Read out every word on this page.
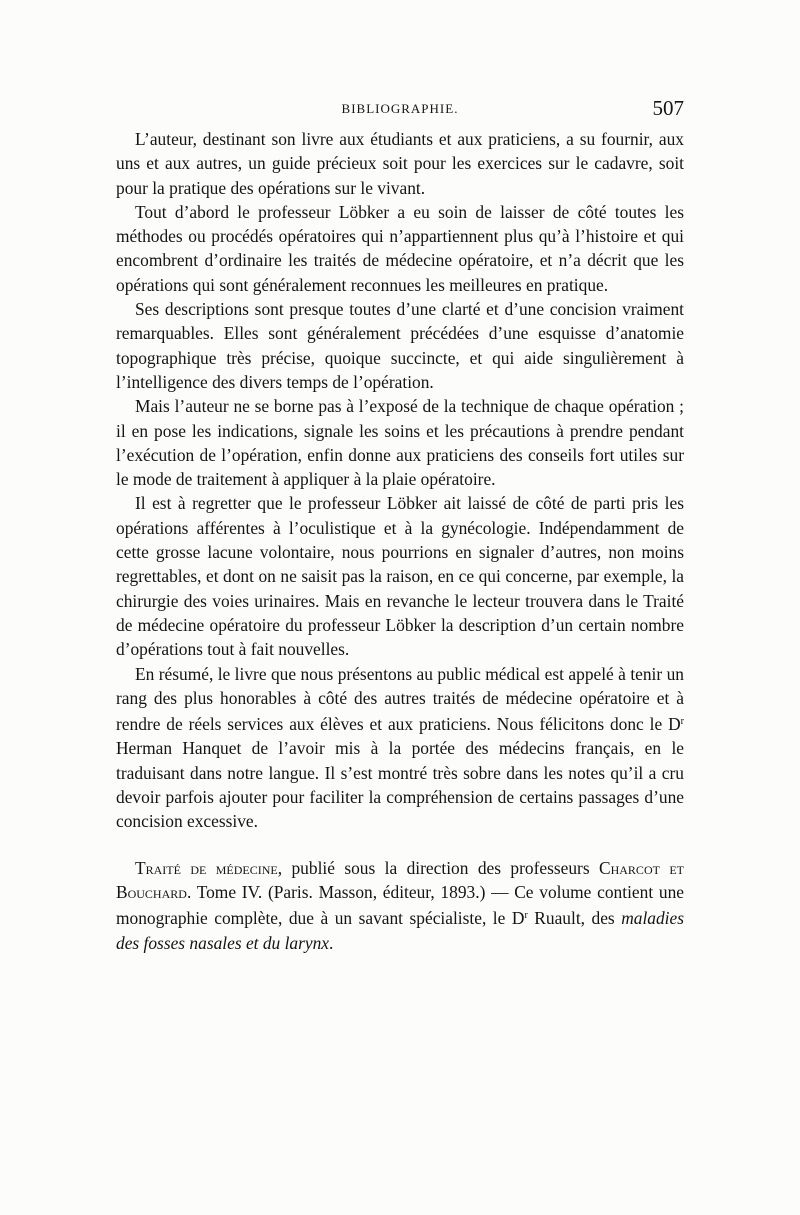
BIBLIOGRAPHIE.	507

L’auteur, destinant son livre aux étudiants et aux praticiens, a su fournir, aux uns et aux autres, un guide précieux soit pour les exercices sur le cadavre, soit pour la pratique des opérations sur le vivant.

Tout d’abord le professeur Löbker a eu soin de laisser de côté toutes les méthodes ou procédés opératoires qui n’appartiennent plus qu’à l’histoire et qui encombrent d’ordinaire les traités de médecine opératoire, et n’a décrit que les opérations qui sont généralement reconnues les meilleures en pratique.

Ses descriptions sont presque toutes d’une clarté et d’une concision vraiment remarquables. Elles sont généralement précédées d’une esquisse d’anatomie topographique très précise, quoique succincte, et qui aide singulièrement à l’intelligence des divers temps de l’opération.

Mais l’auteur ne se borne pas à l’exposé de la technique de chaque opération ; il en pose les indications, signale les soins et les précautions à prendre pendant l’exécution de l’opération, enfin donne aux praticiens des conseils fort utiles sur le mode de traitement à appliquer à la plaie opératoire.

Il est à regretter que le professeur Löbker ait laissé de côté de parti pris les opérations afférentes à l’oculistique et à la gynécologie. Indépendamment de cette grosse lacune volontaire, nous pourrions en signaler d’autres, non moins regrettables, et dont on ne saisit pas la raison, en ce qui concerne, par exemple, la chirurgie des voies urinaires. Mais en revanche le lecteur trouvera dans le Traité de médecine opératoire du professeur Löbker la description d’un certain nombre d’opérations tout à fait nouvelles.

En résumé, le livre que nous présentons au public médical est appelé à tenir un rang des plus honorables à côté des autres traités de médecine opératoire et à rendre de réels services aux élèves et aux praticiens. Nous félicitons donc le $D^r$ Herman Hanquet de l’avoir mis à la portée des médecins français, en le traduisant dans notre langue. Il s’est montré très sobre dans les notes qu’il a cru devoir parfois ajouter pour faciliter la compréhension de certains passages d’une concision excessive.

Traité de médecine, publié sous la direction des professeurs Charcot et Bouchard. Tome IV. (Paris. Masson, éditeur, 1893.) — Ce volume contient une monographie complète, due à un savant spécialiste, le $D^r$ Ruault, des maladies des fosses nasales et du larynx.
